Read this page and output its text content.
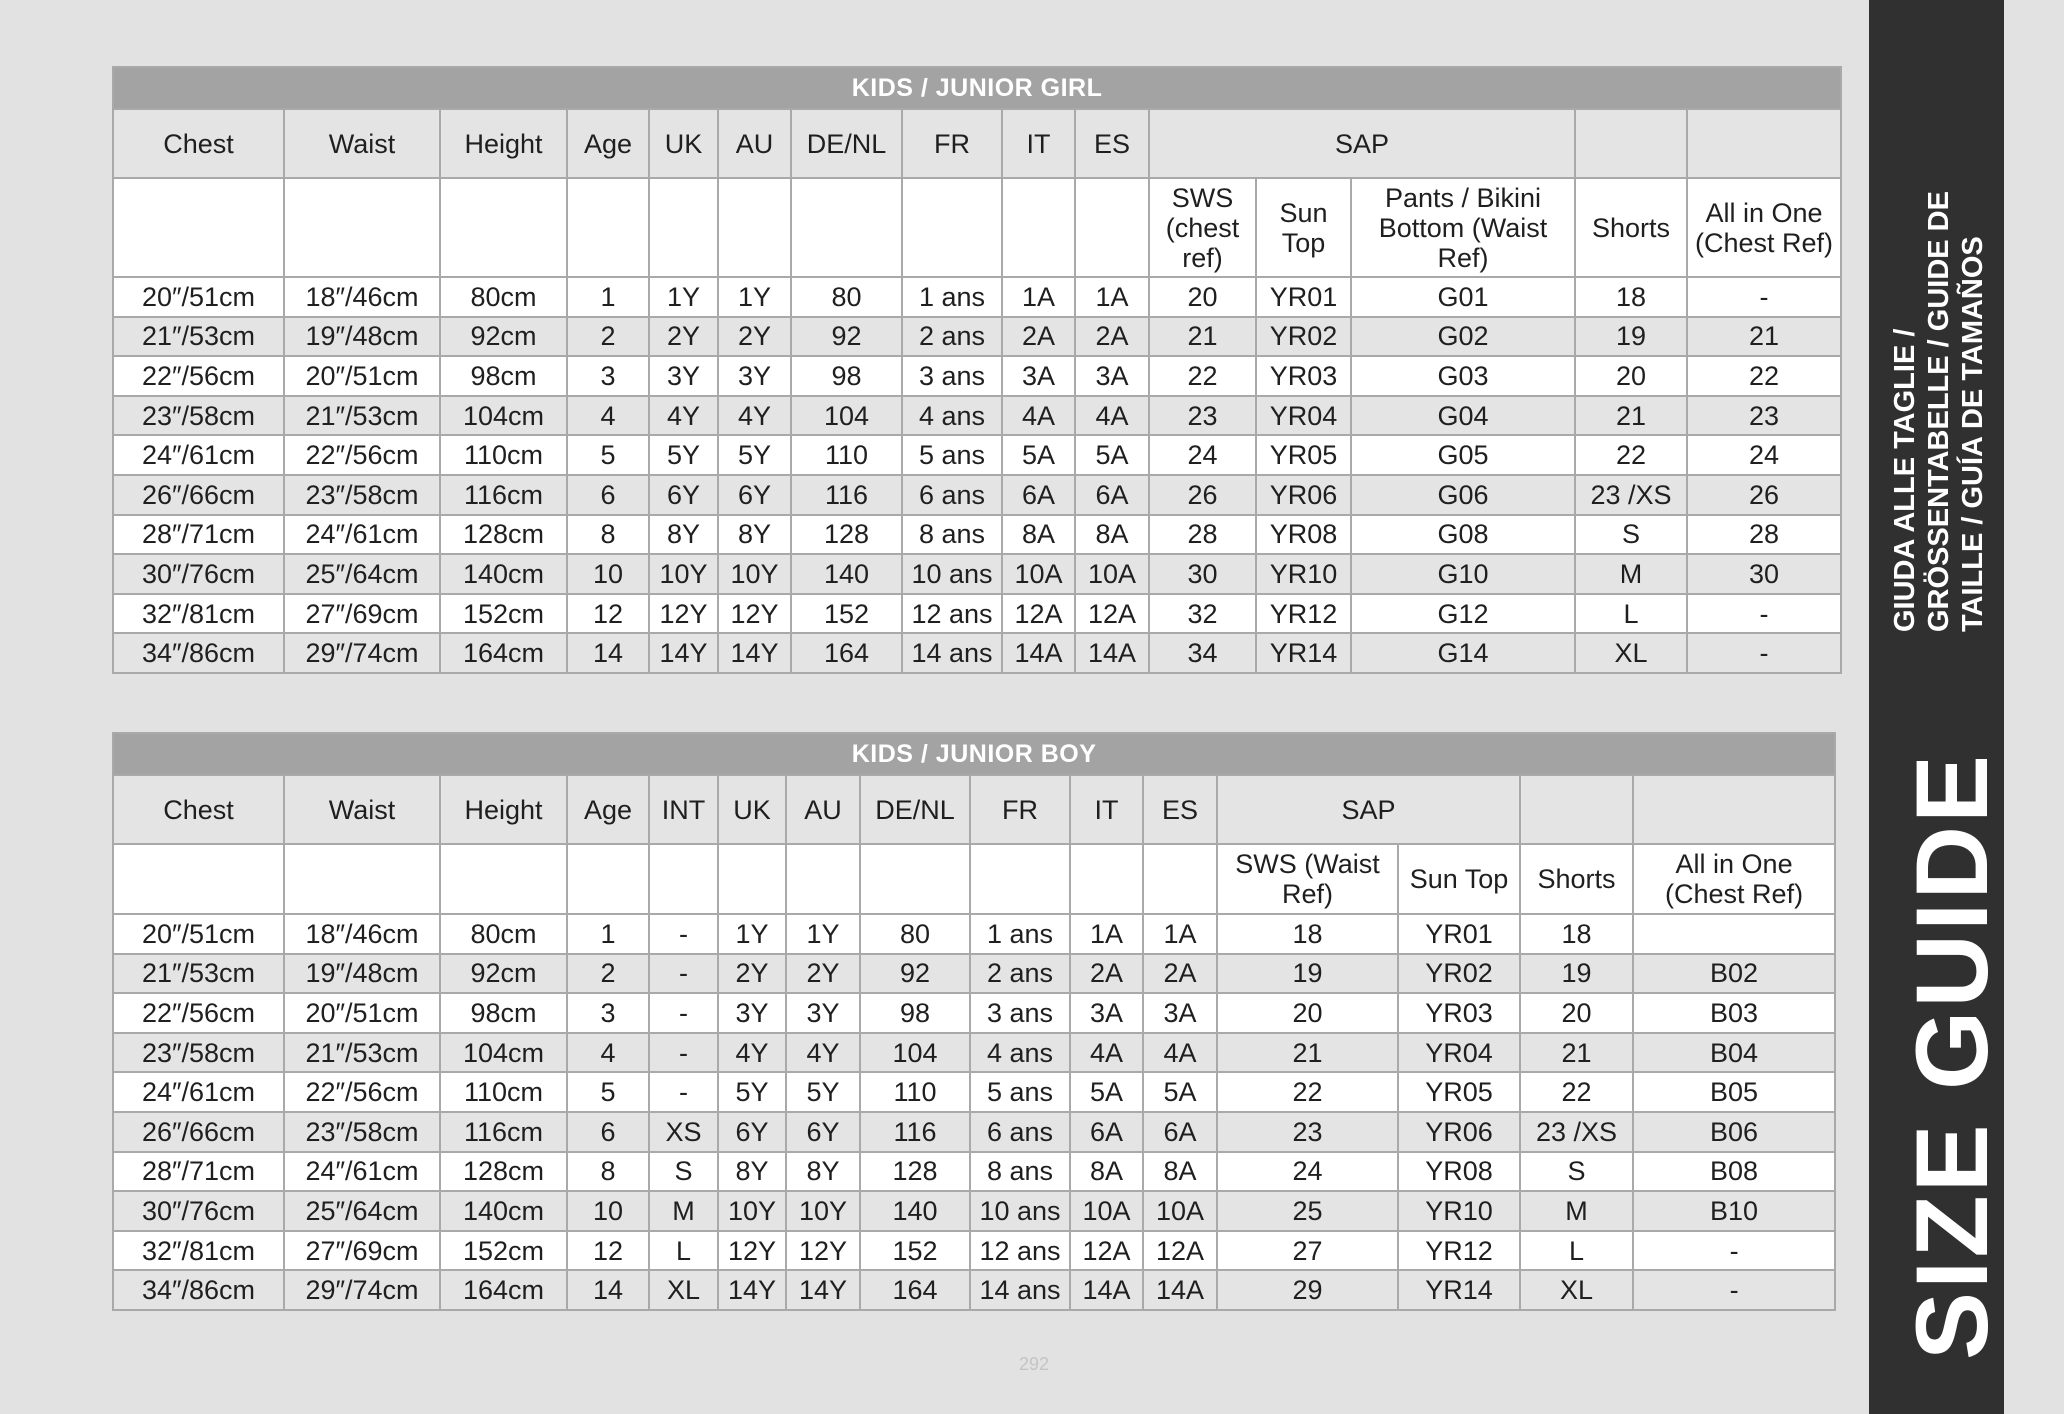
KIDS / JUNIOR GIRL														
Chest	Waist	Height	Age	UK	AU	DE/NL	FR	IT	ES	SAP				
										SWS (chest ref)	Sun Top	Pants / Bikini Bottom (Waist Ref)	Shorts	All in One (Chest Ref)
20″/51cm	18″/46cm	80cm	1	1Y	1Y	80	1 ans	1A	1A	20	YR01	G01	18	-
21″/53cm	19″/48cm	92cm	2	2Y	2Y	92	2 ans	2A	2A	21	YR02	G02	19	21
22″/56cm	20″/51cm	98cm	3	3Y	3Y	98	3 ans	3A	3A	22	YR03	G03	20	22
23″/58cm	21″/53cm	104cm	4	4Y	4Y	104	4 ans	4A	4A	23	YR04	G04	21	23
24″/61cm	22″/56cm	110cm	5	5Y	5Y	110	5 ans	5A	5A	24	YR05	G05	22	24
26″/66cm	23″/58cm	116cm	6	6Y	6Y	116	6 ans	6A	6A	26	YR06	G06	23 /XS	26
28″/71cm	24″/61cm	128cm	8	8Y	8Y	128	8 ans	8A	8A	28	YR08	G08	S	28
30″/76cm	25″/64cm	140cm	10	10Y	10Y	140	10 ans	10A	10A	30	YR10	G10	M	30
32″/81cm	27″/69cm	152cm	12	12Y	12Y	152	12 ans	12A	12A	32	YR12	G12	L	-
34″/86cm	29″/74cm	164cm	14	14Y	14Y	164	14 ans	14A	14A	34	YR14	G14	XL	-
KIDS / JUNIOR BOY														
Chest	Waist	Height	Age	INT	UK	AU	DE/NL	FR	IT	ES	SAP			
											SWS (Waist Ref)	Sun Top	Shorts	All in One (Chest Ref)
20″/51cm	18″/46cm	80cm	1	-	1Y	1Y	80	1 ans	1A	1A	18	YR01	18	
21″/53cm	19″/48cm	92cm	2	-	2Y	2Y	92	2 ans	2A	2A	19	YR02	19	B02
22″/56cm	20″/51cm	98cm	3	-	3Y	3Y	98	3 ans	3A	3A	20	YR03	20	B03
23″/58cm	21″/53cm	104cm	4	-	4Y	4Y	104	4 ans	4A	4A	21	YR04	21	B04
24″/61cm	22″/56cm	110cm	5	-	5Y	5Y	110	5 ans	5A	5A	22	YR05	22	B05
26″/66cm	23″/58cm	116cm	6	XS	6Y	6Y	116	6 ans	6A	6A	23	YR06	23 /XS	B06
28″/71cm	24″/61cm	128cm	8	S	8Y	8Y	128	8 ans	8A	8A	24	YR08	S	B08
30″/76cm	25″/64cm	140cm	10	M	10Y	10Y	140	10 ans	10A	10A	25	YR10	M	B10
32″/81cm	27″/69cm	152cm	12	L	12Y	12Y	152	12 ans	12A	12A	27	YR12	L	-
34″/86cm	29″/74cm	164cm	14	XL	14Y	14Y	164	14 ans	14A	14A	29	YR14	XL	- SIZE GUIDE
GIUDA ALLE TAGLIE / GRÖSSENTABELLE / GUIDE DE TAILLE / GUÍA DE TAMAÑOS
292
